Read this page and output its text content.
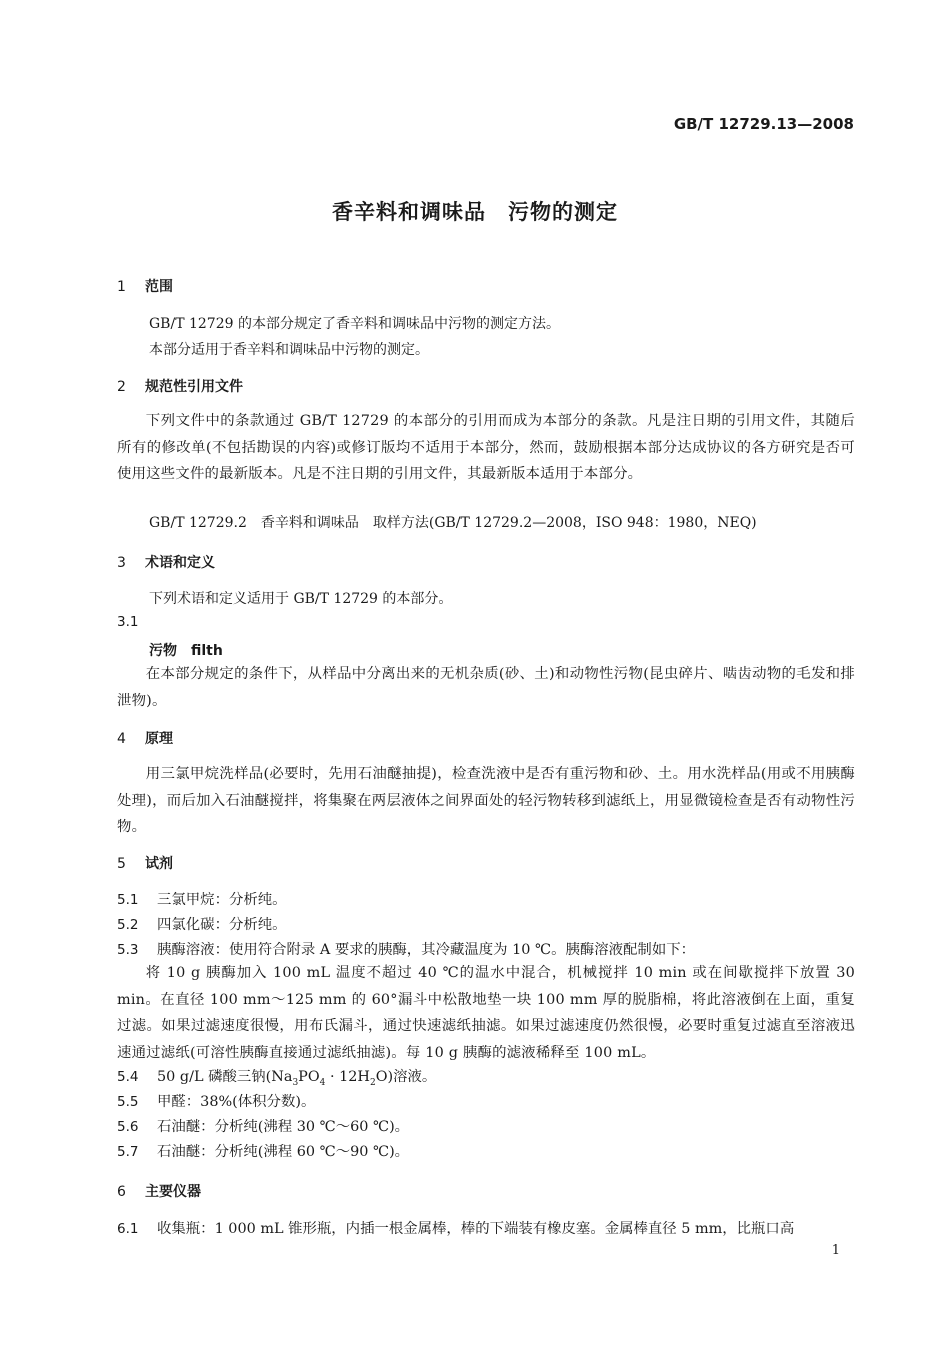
GB/T 12729.13—2008
香辛料和调味品　污物的测定
1 范围
GB/T 12729 的本部分规定了香辛料和调味品中污物的测定方法。
本部分适用于香辛料和调味品中污物的测定。
2 规范性引用文件
下列文件中的条款通过 GB/T 12729 的本部分的引用而成为本部分的条款。凡是注日期的引用文件，其随后所有的修改单(不包括勘误的内容)或修订版均不适用于本部分，然而，鼓励根据本部分达成协议的各方研究是否可使用这些文件的最新版本。凡是不注日期的引用文件，其最新版本适用于本部分。
GB/T 12729.2　香辛料和调味品　取样方法(GB/T 12729.2—2008，ISO 948：1980，NEQ)
3 术语和定义
下列术语和定义适用于 GB/T 12729 的本部分。
3.1
污物　filth
在本部分规定的条件下，从样品中分离出来的无机杂质(砂、土)和动物性污物(昆虫碎片、啮齿动物的毛发和排泄物)。
4 原理
用三氯甲烷洗样品(必要时，先用石油醚抽提)，检查洗液中是否有重污物和砂、土。用水洗样品(用或不用胰酶处理)，而后加入石油醚搅拌，将集聚在两层液体之间界面处的轻污物转移到滤纸上，用显微镜检查是否有动物性污物。
5 试剂
5.1 三氯甲烷：分析纯。
5.2 四氯化碳：分析纯。
5.3 胰酶溶液：使用符合附录 A 要求的胰酶，其冷藏温度为 10 ℃。胰酶溶液配制如下：
将 10 g 胰酶加入 100 mL 温度不超过 40 ℃的温水中混合，机械搅拌 10 min 或在间歇搅拌下放置 30 min。在直径 100 mm～125 mm 的 60°漏斗中松散地垫一块 100 mm 厚的脱脂棉，将此溶液倒在上面，重复过滤。如果过滤速度很慢，用布氏漏斗，通过快速滤纸抽滤。如果过滤速度仍然很慢，必要时重复过滤直至溶液迅速通过滤纸(可溶性胰酶直接通过滤纸抽滤)。每 10 g 胰酶的滤液稀释至 100 mL。
5.4 50 g/L 磷酸三钠$(Na_3PO_4 \cdot 12H_2O)$溶液。
5.5 甲醛：38%(体积分数)。
5.6 石油醚：分析纯(沸程 30 ℃～60 ℃)。
5.7 石油醚：分析纯(沸程 60 ℃～90 ℃)。
6 主要仪器
6.1 收集瓶：1 000 mL 锥形瓶，内插一根金属棒，棒的下端装有橡皮塞。金属棒直径 5 mm，比瓶口高
1
